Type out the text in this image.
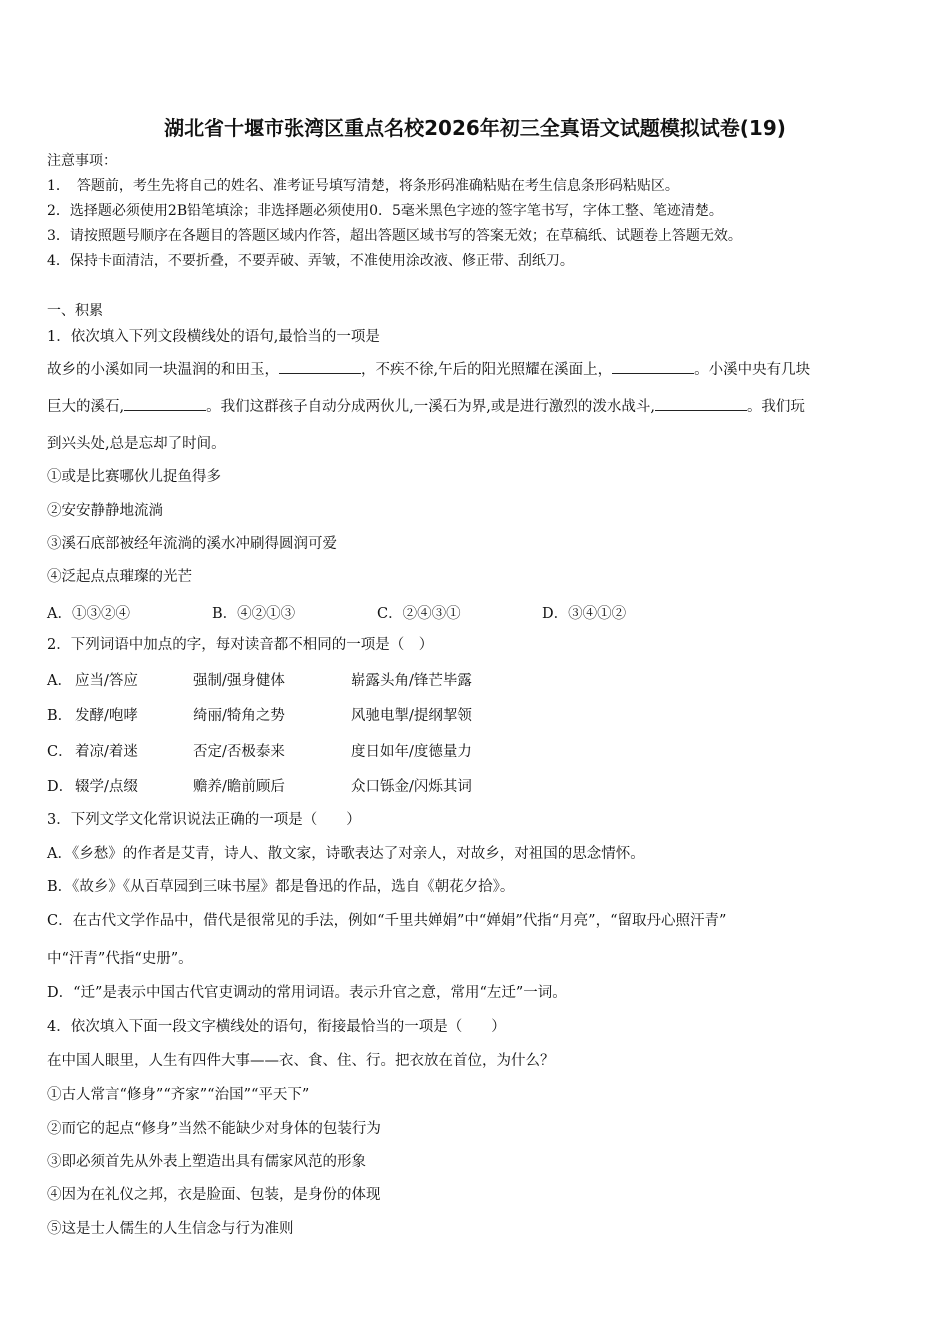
湖北省十堰市张湾区重点名校2026年初三全真语文试题模拟试卷(19)
注意事项：
1．　答题前，考生先将自己的姓名、准考证号填写清楚，将条形码准确粘贴在考生信息条形码粘贴区。
2．选择题必须使用2B铅笔填涂；非选择题必须使用0．5毫米黑色字迹的签字笔书写，字体工整、笔迹清楚。
3．请按照题号顺序在各题目的答题区域内作答，超出答题区域书写的答案无效；在草稿纸、试题卷上答题无效。
4．保持卡面清洁，不要折叠，不要弄破、弄皱，不准使用涂改液、修正带、刮纸刀。
一、积累
1．依次填入下列文段横线处的语句,最恰当的一项是
故乡的小溪如同一块温润的和田玉，	，不疾不徐,午后的阳光照耀在溪面上，	。小溪中央有几块
巨大的溪石,	。我们这群孩子自动分成两伙儿,一溪石为界,或是进行激烈的泼水战斗,	。我们玩
到兴头处,总是忘却了时间。
①或是比赛哪伙儿捉鱼得多
②安安静静地流淌
③溪石底部被经年流淌的溪水冲刷得圆润可爱
④泛起点点璀璨的光芒
A．①③②④	B．④②①③	C．②④③①	D．③④①②
2．下列词语中加点的字，每对读音都不相同的一项是（　）
A． 应当/答应	强制/强身健体	崭露头角/锋芒毕露
B． 发酵/咆哮	绮丽/犄角之势	风驰电掣/提纲挈领
C． 着凉/着迷	否定/否极泰来	度日如年/度德量力
D． 辍学/点缀	赡养/瞻前顾后	众口铄金/闪烁其词
3．下列文学文化常识说法正确的一项是（　　）
A．《乡愁》的作者是艾青，诗人、散文家，诗歌表达了对亲人，对故乡，对祖国的思念情怀。
B．《故乡》《从百草园到三味书屋》都是鲁迅的作品，选自《朝花夕拾》。
C．在古代文学作品中，借代是很常见的手法，例如“千里共婵娟”中“婵娟”代指“月亮”，“留取丹心照汗青”
中“汗青”代指“史册”。
D．“迁”是表示中国古代官吏调动的常用词语。表示升官之意，常用“左迁”一词。
4．依次填入下面一段文字横线处的语句，衔接最恰当的一项是（　　）
在中国人眼里，人生有四件大事——衣、食、住、行。把衣放在首位，为什么？
①古人常言“修身”“齐家”“治国”“平天下”
②而它的起点“修身”当然不能缺少对身体的包装行为
③即必须首先从外表上塑造出具有儒家风范的形象
④因为在礼仪之邦，衣是脸面、包装，是身份的体现
⑤这是士人儒生的人生信念与行为准则
